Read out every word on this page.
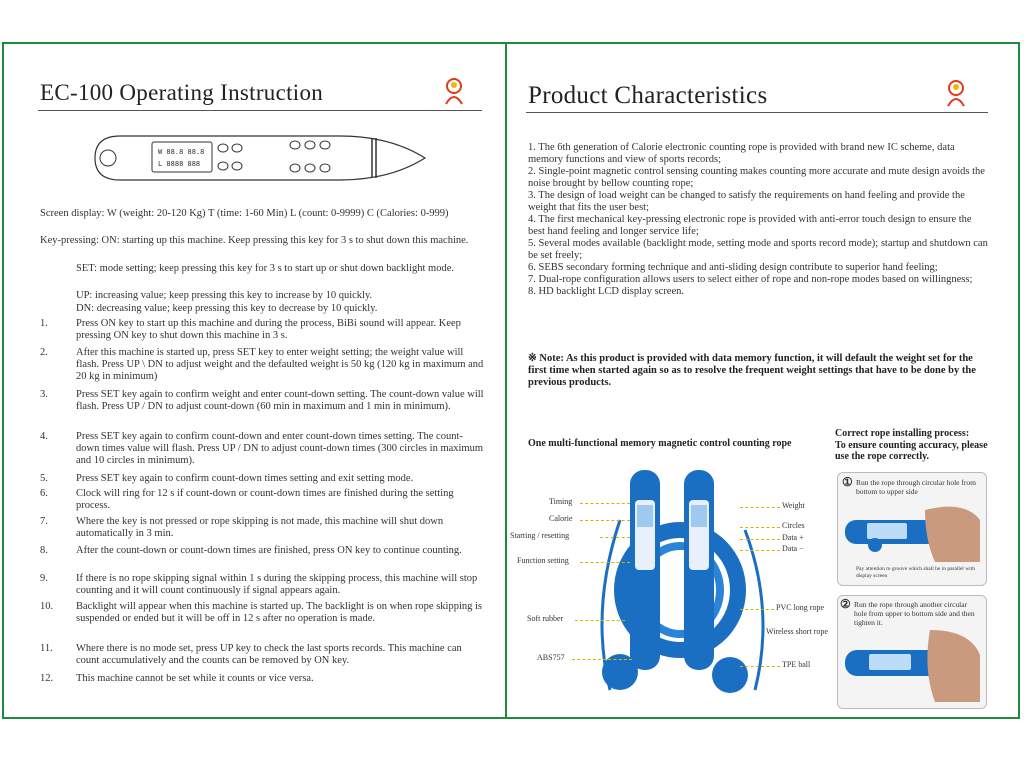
EC-100 Operating Instruction
W 88.8 88.8
L 8888 888
Screen display: W (weight: 20-120 Kg) T (time: 1-60 Min) L (count: 0-9999) C (Calories: 0-999)
Key-pressing: ON: starting up this machine. Keep pressing this key for 3 s to shut down this machine.
SET: mode setting; keep pressing this key for 3 s to start up or shut down backlight mode.
UP: increasing value; keep pressing this key to increase by 10 quickly.
DN: decreasing value; keep pressing this key to decrease by 10 quickly.
1.	Press ON key to start up this machine and during the process, BiBi sound will appear. Keep pressing ON key to shut down this machine in 3 s.
2.	After this machine is started up, press SET key to enter weight setting; the weight value will flash. Press UP \ DN to adjust weight and the defaulted weight is 50 kg (120 kg in maximum and 20 kg in minimum)
3.	Press SET key again to confirm weight and enter count-down setting. The count-down value will flash. Press UP / DN to adjust count-down (60 min in maximum and 1 min in minimum).
4.	Press SET key again to confirm count-down and enter count-down times setting. The count-down times value will flash. Press UP / DN to adjust count-down times (300 circles in maximum and 10 circles in minimum).
5.	Press SET key again to confirm count-down times setting and exit setting mode.
6.	Clock will ring for 12 s if count-down or count-down times are finished during the setting process.
7.	Where the key is not pressed or rope skipping is not made, this machine will shut down automatically in 3 min.
8.	After the count-down or count-down times are finished, press ON key to continue counting.
9.	If there is no rope skipping signal within 1 s during the skipping process, this machine will stop counting and it will count continuously if signal appears again.
10. Backlight will appear when this machine is started up. The backlight is on when rope skipping is suspended or ended but it will be off in 12 s after no operation is made.
11. Where there is no mode set, press UP key to check the last sports records. This machine can count accumulatively and the counts can be removed by ON key.
12. This machine cannot be set while it counts or vice versa.
Product Characteristics

1. The 6th generation of Calorie electronic counting rope is provided with brand new IC scheme, data memory functions and view of sports records;

2. Single-point magnetic control sensing counting makes counting more accurate and mute design avoids the noise brought by bellow counting rope;

3. The design of load weight can be changed to satisfy the requirements on hand feeling and provide the weight that fits the user best;

4. The first mechanical key-pressing electronic rope is provided with anti-error touch design to ensure the best hand feeling and longer service life;

5. Several modes available (backlight mode, setting mode and sports record mode); startup and shutdown can be set freely;

6. SEBS secondary forming technique and anti-sliding design contribute to superior hand feeling;

7. Dual-rope configuration allows users to select either of rope and non-rope modes based on willingness;

8. HD backlight LCD display screen.

※ Note: As this product is provided with data memory function, it will default the weight set for the first time when started again so as to resolve the frequent weight settings that have to be done by the previous products.
One multi-functional memory magnetic control counting rope
Timing
Calorie
Starting / resetting
Function setting
Soft rubber
ABS757
Weight
Circles
Data +
Data −
PVC long rope
Wireless short rope
TPE ball
Correct rope installing process:
To ensure counting accuracy, please use the rope correctly.
① Run the rope through circular hole from bottom to upper side
Pay attention to groove which shall be in parallel with display screen
② Run the rope through another circular hole from upper to bottom side and then tighten it.
